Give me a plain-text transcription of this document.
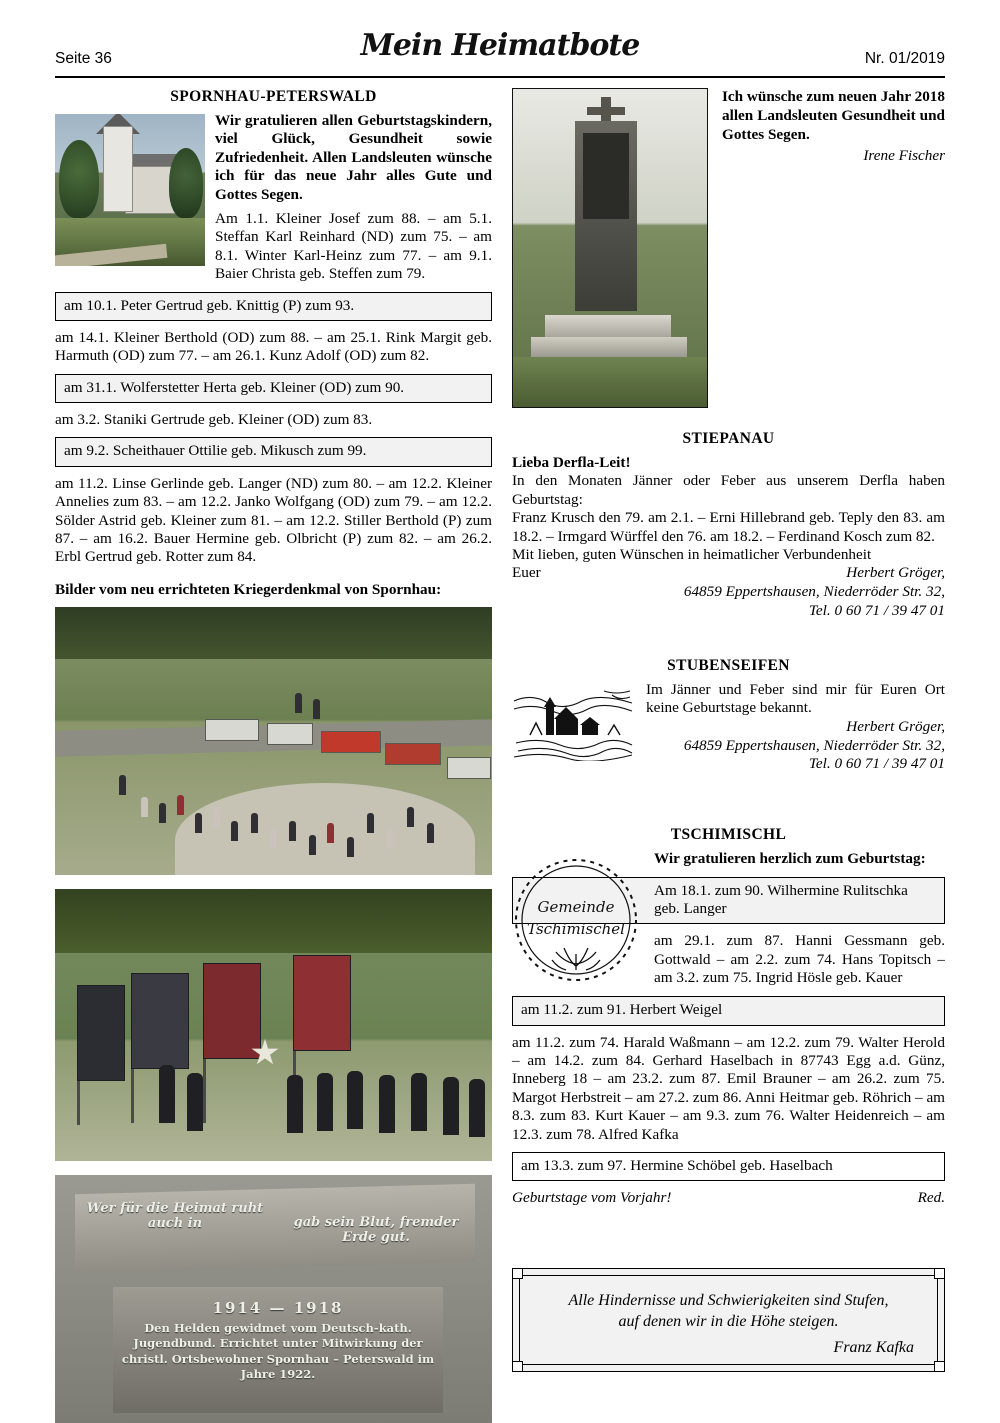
Seite 36	Mein Heimatbote	Nr. 01/2019
SPORNHAU-PETERSWALD

Wir gratulieren allen Geburtstagskindern, viel Glück, Gesundheit sowie Zufriedenheit. Allen Landsleuten wünsche ich für das neue Jahr alles Gute und Gottes Segen.

Am 1.1. Kleiner Josef zum 88. – am 5.1. Steffan Karl Reinhard (ND) zum 75. – am 8.1. Winter Karl-Heinz zum 77. – am 9.1. Baier Christa geb. Steffen zum 79.

am 10.1. Peter Gertrud geb. Knittig (P) zum 93.

am 14.1. Kleiner Berthold (OD) zum 88. – am 25.1. Rink Margit geb. Harmuth (OD) zum 77. – am 26.1. Kunz Adolf (OD) zum 82.

am 31.1. Wolferstetter Herta geb. Kleiner (OD) zum 90.

am 3.2. Staniki Gertrude geb. Kleiner (OD) zum 83.

am 9.2. Scheithauer Ottilie geb. Mikusch zum 99.

am 11.2. Linse Gerlinde geb. Langer (ND) zum 80. – am 12.2. Kleiner Annelies zum 83. – am 12.2. Janko Wolfgang (OD) zum 79. – am 12.2. Sölder Astrid geb. Kleiner zum 81. – am 12.2. Stiller Berthold (P) zum 87. – am 16.2. Bauer Hermine geb. Olbricht (P) zum 82. – am 26.2. Erbl Gertrud geb. Rotter zum 84.

Bilder vom neu errichteten Kriegerdenkmal von Spornhau:
Wer für die Heimat ruht auch in	gab sein Blut, fremder Erde gut.
1914 — 1918
Den Helden gewidmet vom Deutsch-kath. Jugendbund. Errichtet unter Mitwirkung der christl. Ortsbewohner Spornhau – Peterswald im Jahre 1922.

Ich wünsche zum neuen Jahr 2018 allen Landsleuten Gesundheit und Gottes Segen.

Irene Fischer
STIEPANAU

Lieba Derfla-Leit!

In den Monaten Jänner oder Feber aus unserem Derfla haben Geburtstag:

Franz Krusch den 79. am 2.1. – Erni Hillebrand geb. Teply den 83. am 18.2. – Irmgard Würffel den 76. am 18.2. – Ferdinand Kosch zum 82.

Mit lieben, guten Wünschen in heimatlicher Verbundenheit

Euer	Herbert Gröger,
64859 Eppertshausen, Niederröder Str. 32,
Tel. 0 60 71 / 39 47 01
STUBENSEIFEN

Im Jänner und Feber sind mir für Euren Ort keine Geburtstage bekannt.

Herbert Gröger,
64859 Eppertshausen, Niederröder Str. 32,
Tel. 0 60 71 / 39 47 01
TSCHIMISCHL
Gemeinde
Tschimischel

Wir gratulieren herzlich zum Geburtstag:

Am 18.1. zum 90. Wilhermine Rulitschka geb. Langer

am 29.1. zum 87. Hanni Gessmann geb. Gottwald – am 2.2. zum 74. Hans Topitsch – am 3.2. zum 75. Ingrid Hösle geb. Kauer

am 11.2. zum 91. Herbert Weigel

am 11.2. zum 74. Harald Waßmann – am 12.2. zum 79. Walter Herold – am 14.2. zum 84. Gerhard Haselbach in 87743 Egg a.d. Günz, Inneberg 18 – am 23.2. zum 87. Emil Brauner – am 26.2. zum 75. Margot Herbstreit – am 27.2. zum 86. Anni Heitmar geb. Röhrich – am 8.3. zum 83. Kurt Kauer – am 9.3. zum 76. Walter Heidenreich – am 12.3. zum 78. Alfred Kafka

am 13.3. zum 97. Hermine Schöbel geb. Haselbach
Geburtstage vom Vorjahr!	Red.
Alle Hindernisse und Schwierigkeiten sind Stufen,
auf denen wir in die Höhe steigen.
Franz Kafka
